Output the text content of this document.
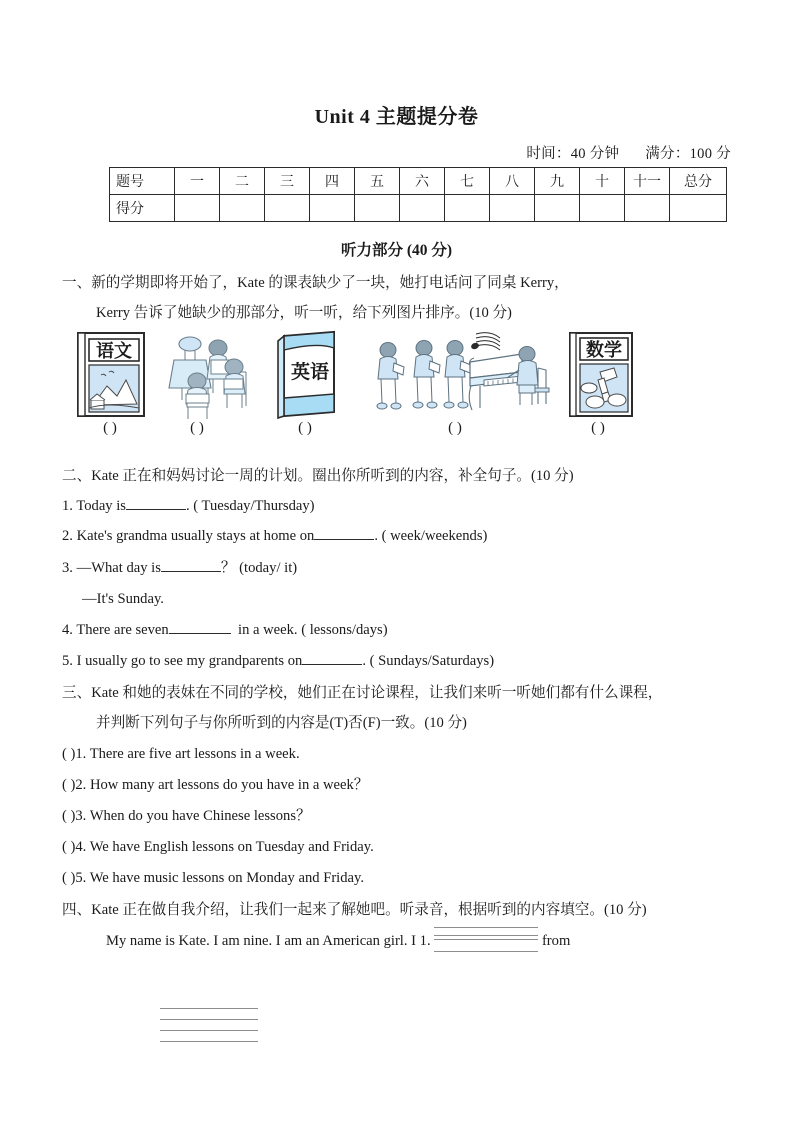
Unit 4 主题提分卷
时间：40 分钟 满分：100 分
题号	一	二	三	四	五	六	七	八	九	十	十一	总分
得分												
听力部分 (40 分)
一、新的学期即将开始了，Kate 的课表缺少了一块，她打电话问了同桌 Kerry，
Kerry 告诉了她缺少的那部分，听一听，给下列图片排序。(10 分)
语文
英语
数学
( )	( )	( )	( )	( )
二、Kate 正在和妈妈讨论一周的计划。圈出你所听到的内容，补全句子。(10 分)
1. Today is	. ( Tuesday/Thursday)
2. Kate's grandma usually stays at home on	. ( week/weekends)
3. —What day is	？ (today/ it)
—It's Sunday.
4. There are seven	in a week. ( lessons/days)
5. I usually go to see my grandparents on	. ( Sundays/Saturdays)
三、Kate 和她的表妹在不同的学校，她们正在讨论课程，让我们来听一听她们都有什么课程，
并判断下列句子与你所听到的内容是(T)否(F)一致。(10 分)
( )1. There are five art lessons in a week.
( )2. How many art lessons do you have in a week？
( )3. When do you have Chinese lessons？
( )4. We have English lessons on Tuesday and Friday.
( )5. We have music lessons on Monday and Friday.
四、Kate 正在做自我介绍，让我们一起来了解她吧。听录音，根据听到的内容填空。(10 分)
My name is Kate. I am nine. I am an American girl. I 1.	from
